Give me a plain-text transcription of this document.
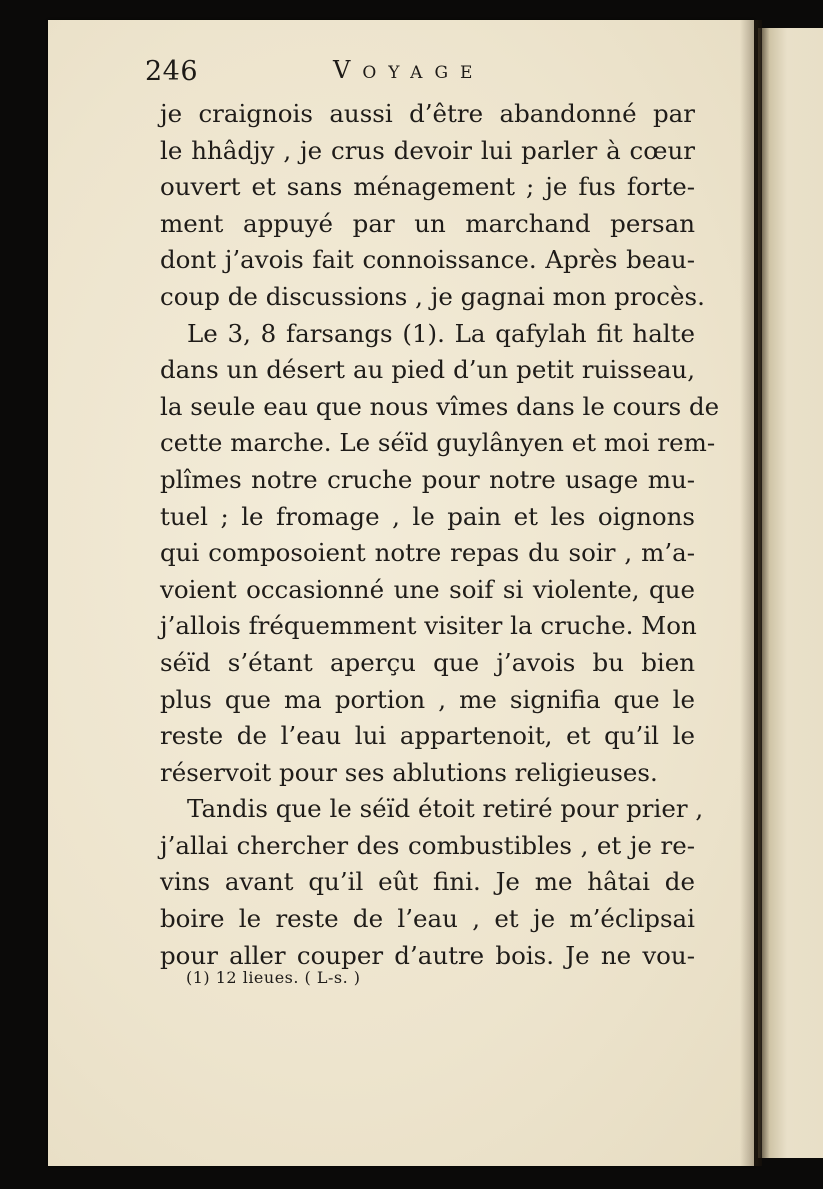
246	Voyage
je craignois aussi d’être abandonné par
le hhâdjy , je crus devoir lui parler à cœur
ouvert et sans ménagement ; je fus forte-
ment appuyé par un marchand persan
dont j’avois fait connoissance. Après beau-
coup de discussions , je gagnai mon procès.
Le 3, 8 farsangs (1). La qafylah fit halte
dans un désert au pied d’un petit ruisseau,
la seule eau que nous vîmes dans le cours de
cette marche. Le séïd guylânyen et moi rem-
plîmes notre cruche pour notre usage mu-
tuel ; le fromage , le pain et les oignons
qui composoient notre repas du soir , m’a-
voient occasionné une soif si violente, que
j’allois fréquemment visiter la cruche. Mon
séïd s’étant aperçu que j’avois bu bien
plus que ma portion , me signifia que le
reste de l’eau lui appartenoit, et qu’il le
réservoit pour ses ablutions religieuses.
Tandis que le séïd étoit retiré pour prier ,
j’allai chercher des combustibles , et je re-
vins avant qu’il eût fini. Je me hâtai de
boire le reste de l’eau , et je m’éclipsai
pour aller couper d’autre bois. Je ne vou-
(1) 12 lieues. ( L-s. )
